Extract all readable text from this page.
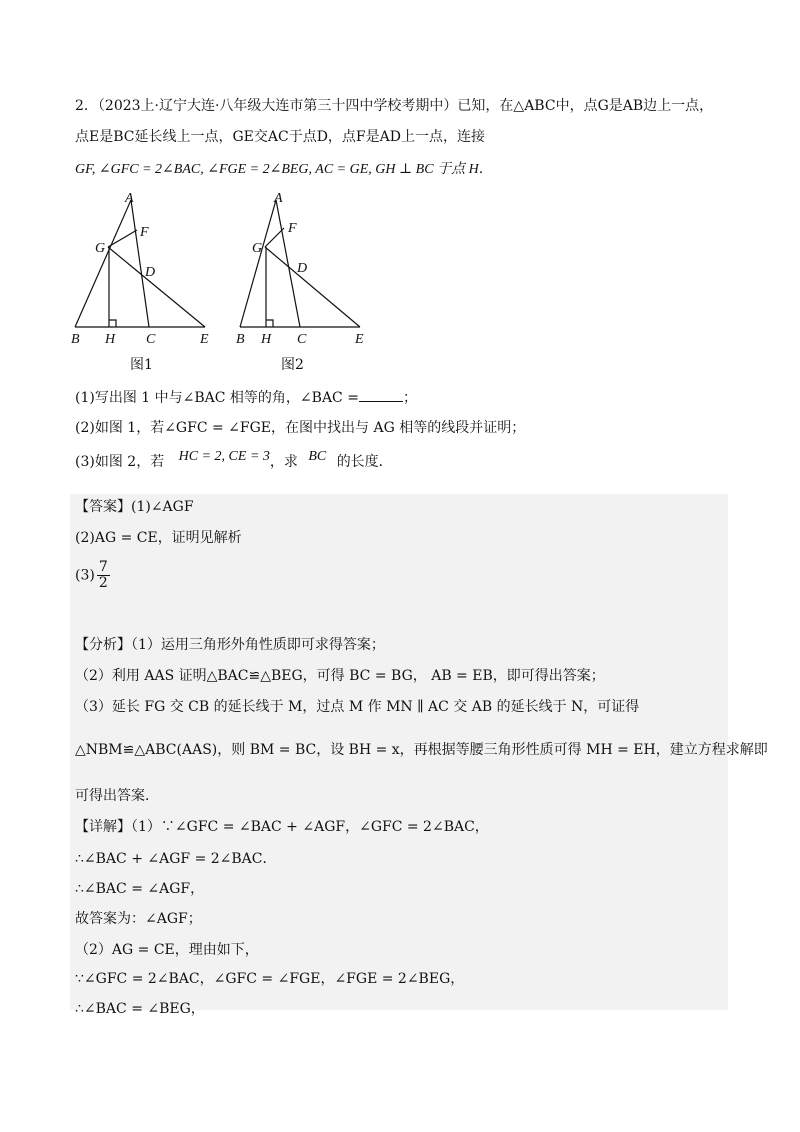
2．（2023上·辽宁大连·八年级大连市第三十四中学校考期中）已知，在△ABC中，点G是AB边上一点，
点E是BC延长线上一点，GE交AC于点D，点F是AD上一点，连接
GF, ∠GFC = 2∠BAC, ∠FGE = 2∠BEG, AC = GE, GH ⊥ BC 于点 H．
A
F
G
D
B H C	E
A
F
G
D
B H C	E
图1	图2
(1)写出图 1 中与∠BAC 相等的角，∠BAC =	；
(2)如图 1，若∠GFC = ∠FGE，在图中找出与 AG 相等的线段并证明；
(3)如图 2，若 HC = 2, CE = 3，求 BC 的长度．
【答案】(1)∠AGF
(2)AG = CE，证明见解析
$(3) \frac{7}{2}$
【分析】（1）运用三角形外角性质即可求得答案；
（2）利用 AAS 证明△BAC≌△BEG，可得 BC = BG， AB = EB，即可得出答案；
（3）延长 FG 交 CB 的延长线于 M，过点 M 作 MN ∥ AC 交 AB 的延长线于 N，可证得
△NBM≌△ABC(AAS)，则 BM = BC，设 BH = x，再根据等腰三角形性质可得 MH = EH，建立方程求解即
可得出答案．
【详解】（1）∵∠GFC = ∠BAC + ∠AGF，∠GFC = 2∠BAC，
∴∠BAC + ∠AGF = 2∠BAC．
∴∠BAC = ∠AGF，
故答案为：∠AGF；
（2）AG = CE，理由如下，
∵∠GFC = 2∠BAC，∠GFC = ∠FGE，∠FGE = 2∠BEG，
∴∠BAC = ∠BEG，
